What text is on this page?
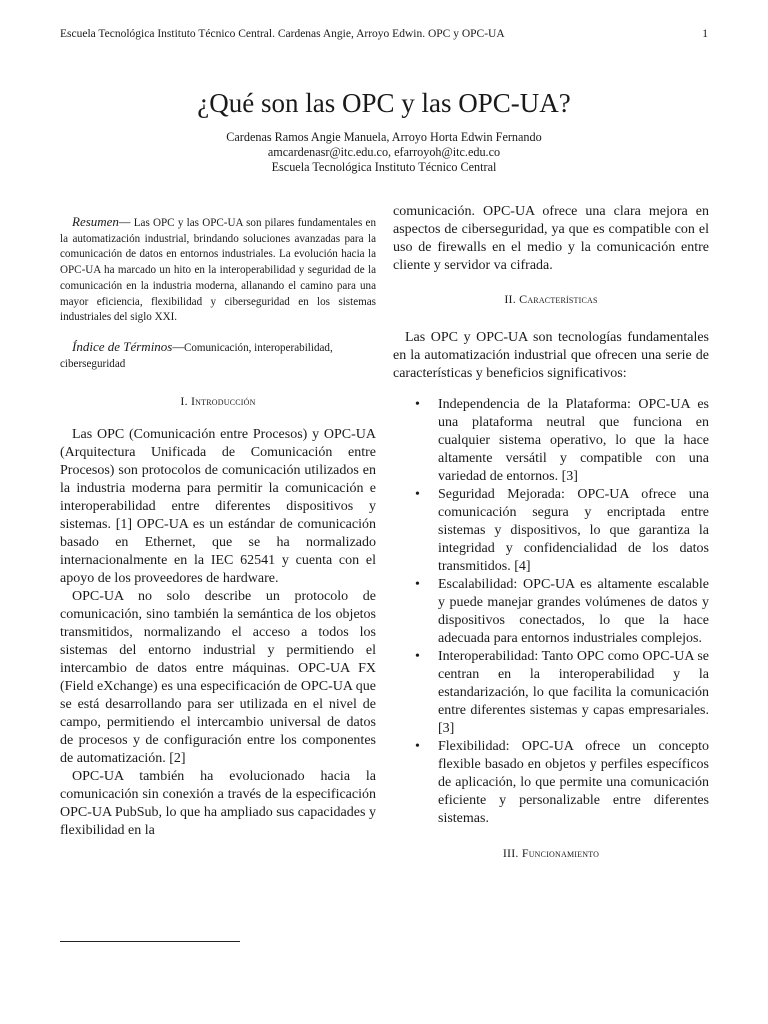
Escuela Tecnológica Instituto Técnico Central. Cardenas Angie, Arroyo Edwin. OPC y OPC-UA	1
¿Qué son las OPC y las OPC-UA?
Cardenas Ramos Angie Manuela, Arroyo Horta Edwin Fernando
amcardenasr@itc.edu.co, efarroyoh@itc.edu.co
Escuela Tecnológica Instituto Técnico Central

Resumen— Las OPC y las OPC-UA son pilares fundamentales en la automatización industrial, brindando soluciones avanzadas para la comunicación de datos en entornos industriales. La evolución hacia la OPC-UA ha marcado un hito en la interoperabilidad y seguridad de la comunicación en la industria moderna, allanando el camino para una mayor eficiencia, flexibilidad y ciberseguridad en los sistemas industriales del siglo XXI.

Índice de Términos—Comunicación, interoperabilidad, ciberseguridad

I. Introducción

Las OPC (Comunicación entre Procesos) y OPC-UA (Arquitectura Unificada de Comunicación entre Procesos) son protocolos de comunicación utilizados en la industria moderna para permitir la comunicación e interoperabilidad entre diferentes dispositivos y sistemas. [1] OPC-UA es un estándar de comunicación basado en Ethernet, que se ha normalizado internacionalmente en la IEC 62541 y cuenta con el apoyo de los proveedores de hardware.

OPC-UA no solo describe un protocolo de comunicación, sino también la semántica de los objetos transmitidos, normalizando el acceso a todos los sistemas del entorno industrial y permitiendo el intercambio de datos entre máquinas. OPC-UA FX (Field eXchange) es una especificación de OPC-UA que se está desarrollando para ser utilizada en el nivel de campo, permitiendo el intercambio universal de datos de procesos y de configuración entre los componentes de automatización. [2]

OPC-UA también ha evolucionado hacia la comunicación sin conexión a través de la especificación OPC-UA PubSub, lo que ha ampliado sus capacidades y flexibilidad en la

comunicación. OPC-UA ofrece una clara mejora en aspectos de ciberseguridad, ya que es compatible con el uso de firewalls en el medio y la comunicación entre cliente y servidor va cifrada.

II. Características

Las OPC y OPC-UA son tecnologías fundamentales en la automatización industrial que ofrecen una serie de características y beneficios significativos:

• Independencia de la Plataforma: OPC-UA es una plataforma neutral que funciona en cualquier sistema operativo, lo que la hace altamente versátil y compatible con una variedad de entornos. [3]
• Seguridad Mejorada: OPC-UA ofrece una comunicación segura y encriptada entre sistemas y dispositivos, lo que garantiza la integridad y confidencialidad de los datos transmitidos. [4]
• Escalabilidad: OPC-UA es altamente escalable y puede manejar grandes volúmenes de datos y dispositivos conectados, lo que la hace adecuada para entornos industriales complejos.
• Interoperabilidad: Tanto OPC como OPC-UA se centran en la interoperabilidad y la estandarización, lo que facilita la comunicación entre diferentes sistemas y capas empresariales. [3]
• Flexibilidad: OPC-UA ofrece un concepto flexible basado en objetos y perfiles específicos de aplicación, lo que permite una comunicación eficiente y personalizable entre diferentes sistemas.
III. Funcionamiento
